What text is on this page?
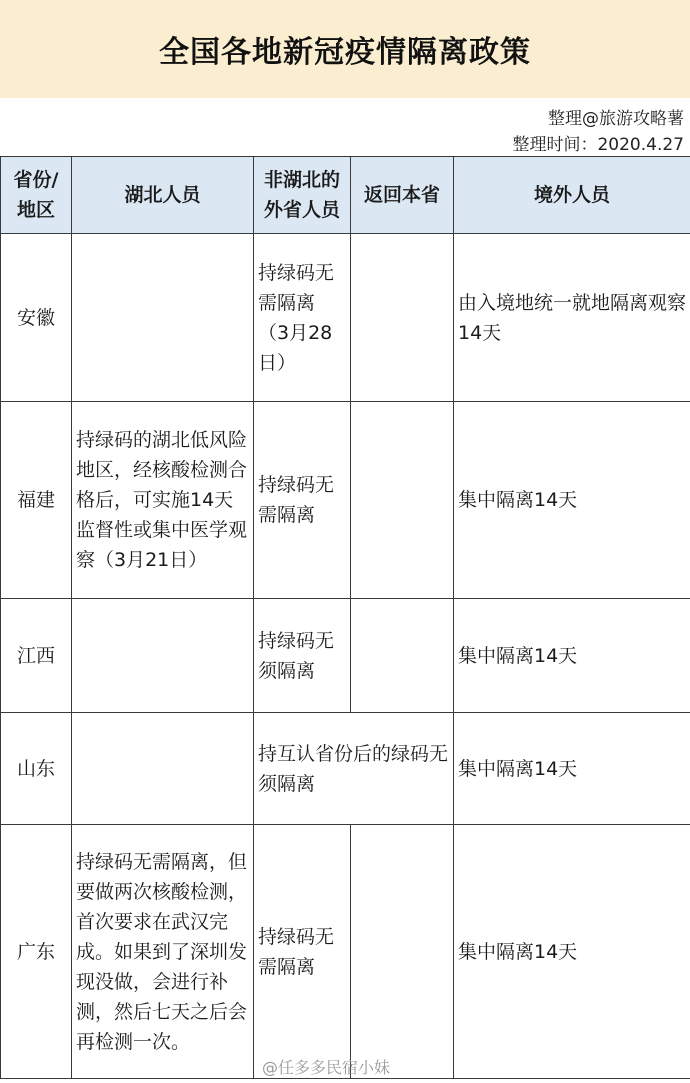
全国各地新冠疫情隔离政策
整理@旅游攻略薯
整理时间：2020.4.27
省份/地区	湖北人员	非湖北的外省人员	返回本省	境外人员
安徽		持绿码无需隔离（3月28日）		由入境地统一就地隔离观察14天
福建	持绿码的湖北低风险地区，经核酸检测合格后，可实施14天监督性或集中医学观察（3月21日）	持绿码无需隔离		集中隔离14天
江西		持绿码无须隔离		集中隔离14天
山东		持互认省份后的绿码无须隔离		集中隔离14天
广东	持绿码无需隔离，但要做两次核酸检测，首次要求在武汉完成。如果到了深圳发现没做，会进行补测，然后七天之后会再检测一次。	持绿码无需隔离		集中隔离14天
@任多多民宿小妹
